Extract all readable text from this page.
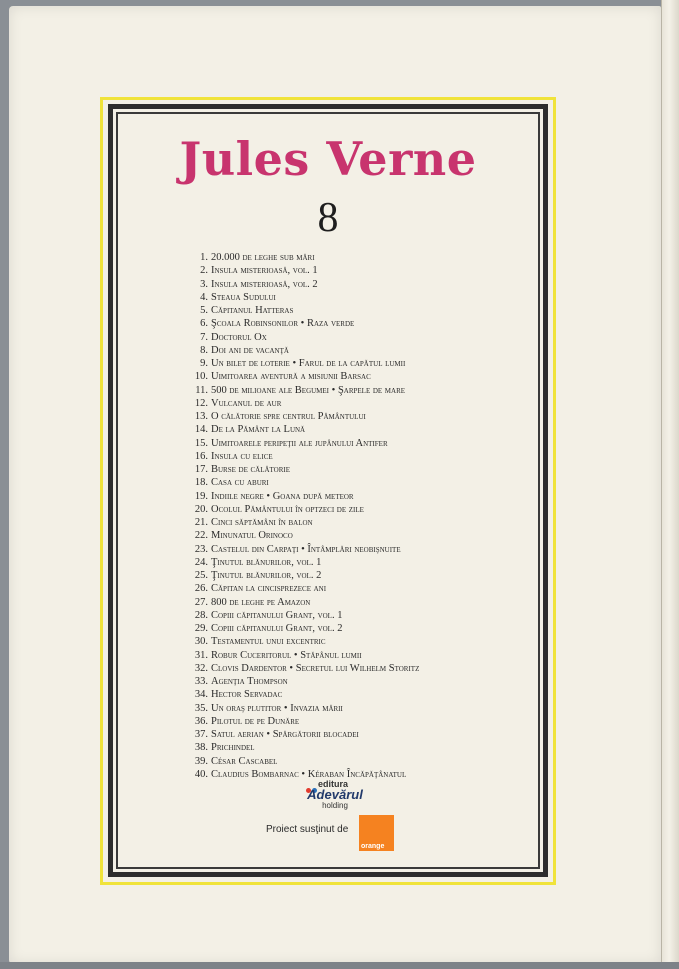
Jules Verne
8
1. 20.000 de leghe sub mări
2. Insula misterioasă, vol. 1
3. Insula misterioasă, vol. 2
4. Steaua Sudului
5. Căpitanul Hatteras
6. Şcoala Robinsonilor • Raza verde
7. Doctorul Ox
8. Doi ani de vacanţă
9. Un bilet de loterie • Farul de la capătul lumii
10. Uimitoarea aventură a misiunii Barsac
11. 500 de milioane ale Begumei • Şarpele de mare
12. Vulcanul de aur
13. O călătorie spre centrul Pământului
14. De la Pământ la Lună
15. Uimitoarele peripeţii ale jupânului Antifer
16. Insula cu elice
17. Burse de călătorie
18. Casa cu aburi
19. Indiile negre • Goana după meteor
20. Ocolul Pământului în optzeci de zile
21. Cinci săptămâni în balon
22. Minunatul Orinoco
23. Castelul din Carpaţi • Întâmplări neobişnuite
24. Ţinutul blănurilor, vol. 1
25. Ţinutul blănurilor, vol. 2
26. Căpitan la cincisprezece ani
27. 800 de leghe pe Amazon
28. Copiii căpitanului Grant, vol. 1
29. Copiii căpitanului Grant, vol. 2
30. Testamentul unui excentric
31. Robur Cuceritorul • Stăpânul lumii
32. Clovis Dardentor • Secretul lui Wilhelm Storitz
33. Agenţia Thompson
34. Hector Servadac
35. Un oraş plutitor • Invazia mării
36. Pilotul de pe Dunăre
37. Satul aerian • Spărgătorii blocadei
38. Prichindel
39. César Cascabel
40. Claudius Bombarnac • Kéraban Încăpăţânatul
editura
Adevărul
holding
Proiect susţinut de
orange
